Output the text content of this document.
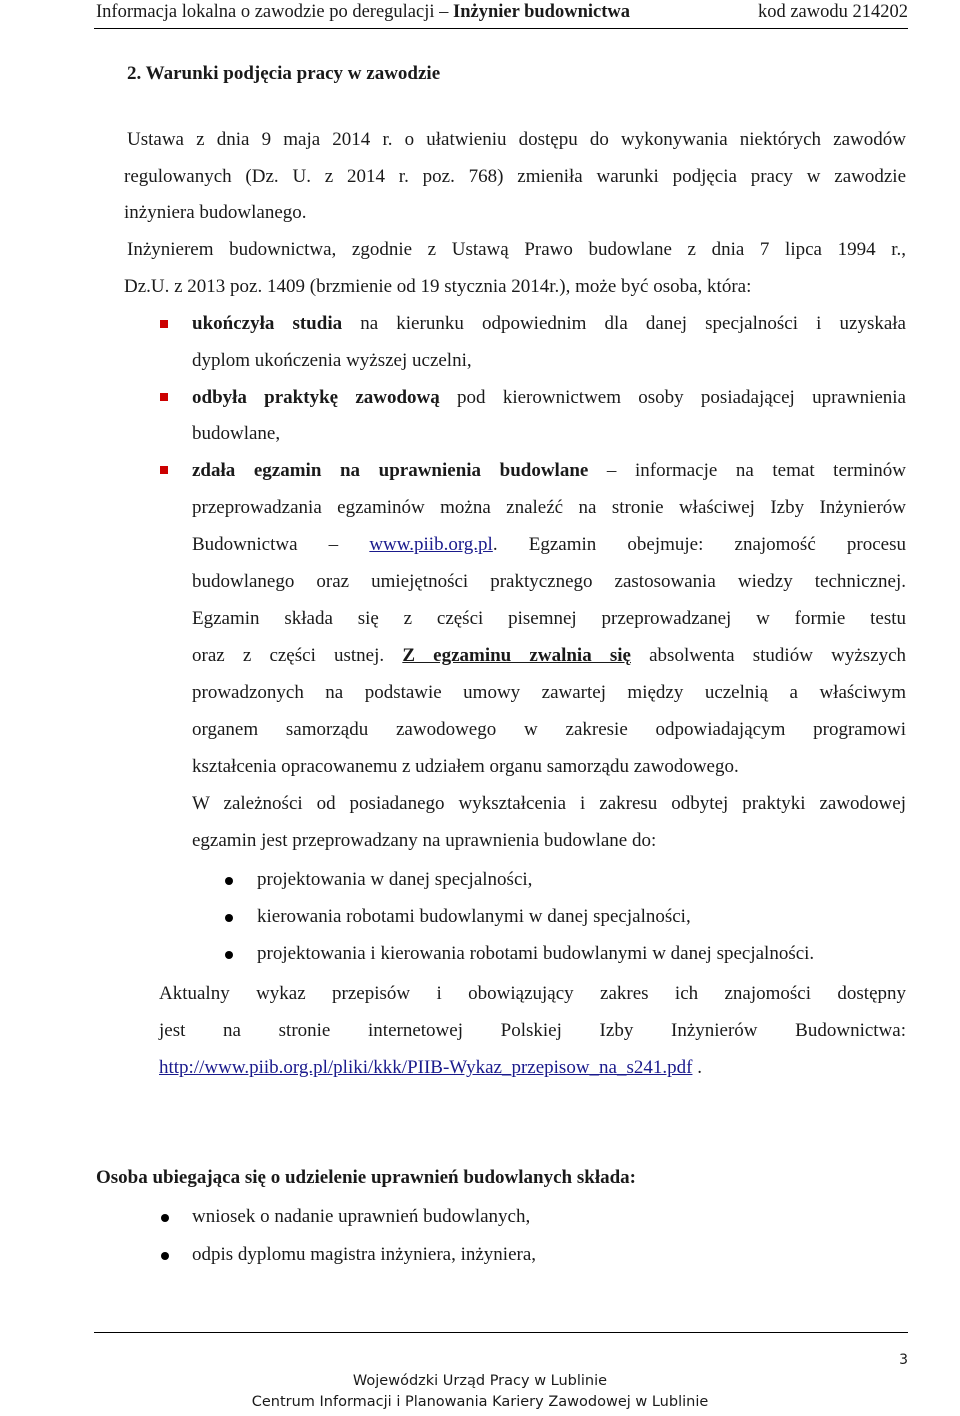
Informacja lokalna o zawodzie po deregulacji – Inżynier budownictwa	kod zawodu 214202
2. Warunki podjęcia pracy w zawodzie
Ustawa z dnia 9 maja 2014 r. o ułatwieniu dostępu do wykonywania niektórych zawodów
regulowanych (Dz. U. z 2014 r. poz. 768) zmieniła warunki podjęcia pracy w zawodzie
inżyniera budowlanego.
Inżynierem budownictwa, zgodnie z Ustawą Prawo budowlane z dnia 7 lipca 1994 r.,
Dz.U. z 2013 poz. 1409 (brzmienie od 19 stycznia 2014r.), może być osoba, która:
ukończyła studia na kierunku odpowiednim dla danej specjalności i uzyskała
dyplom ukończenia wyższej uczelni,
odbyła praktykę zawodową pod kierownictwem osoby posiadającej uprawnienia
budowlane,
zdała egzamin na uprawnienia budowlane – informacje na temat terminów
przeprowadzania egzaminów można znaleźć na stronie właściwej Izby Inżynierów
Budownictwa – www.piib.org.pl. Egzamin obejmuje: znajomość procesu
budowlanego oraz umiejętności praktycznego zastosowania wiedzy technicznej.
Egzamin składa się z części pisemnej przeprowadzanej w formie testu
oraz z części ustnej. Z egzaminu zwalnia się absolwenta studiów wyższych
prowadzonych na podstawie umowy zawartej między uczelnią a właściwym
organem samorządu zawodowego w zakresie odpowiadającym programowi
kształcenia opracowanemu z udziałem organu samorządu zawodowego.
W zależności od posiadanego wykształcenia i zakresu odbytej praktyki zawodowej
egzamin jest przeprowadzany na uprawnienia budowlane do:
projektowania w danej specjalności,
kierowania robotami budowlanymi w danej specjalności,
projektowania i kierowania robotami budowlanymi w danej specjalności.
Aktualny wykaz przepisów i obowiązujący zakres ich znajomości dostępny
jest na stronie internetowej Polskiej Izby Inżynierów Budownictwa:
http://www.piib.org.pl/pliki/kkk/PIIB-Wykaz_przepisow_na_s241.pdf .
Osoba ubiegająca się o udzielenie uprawnień budowlanych składa:
wniosek o nadanie uprawnień budowlanych,
odpis dyplomu magistra inżyniera, inżyniera,
3
Wojewódzki Urząd Pracy w Lublinie
Centrum Informacji i Planowania Kariery Zawodowej w Lublinie
